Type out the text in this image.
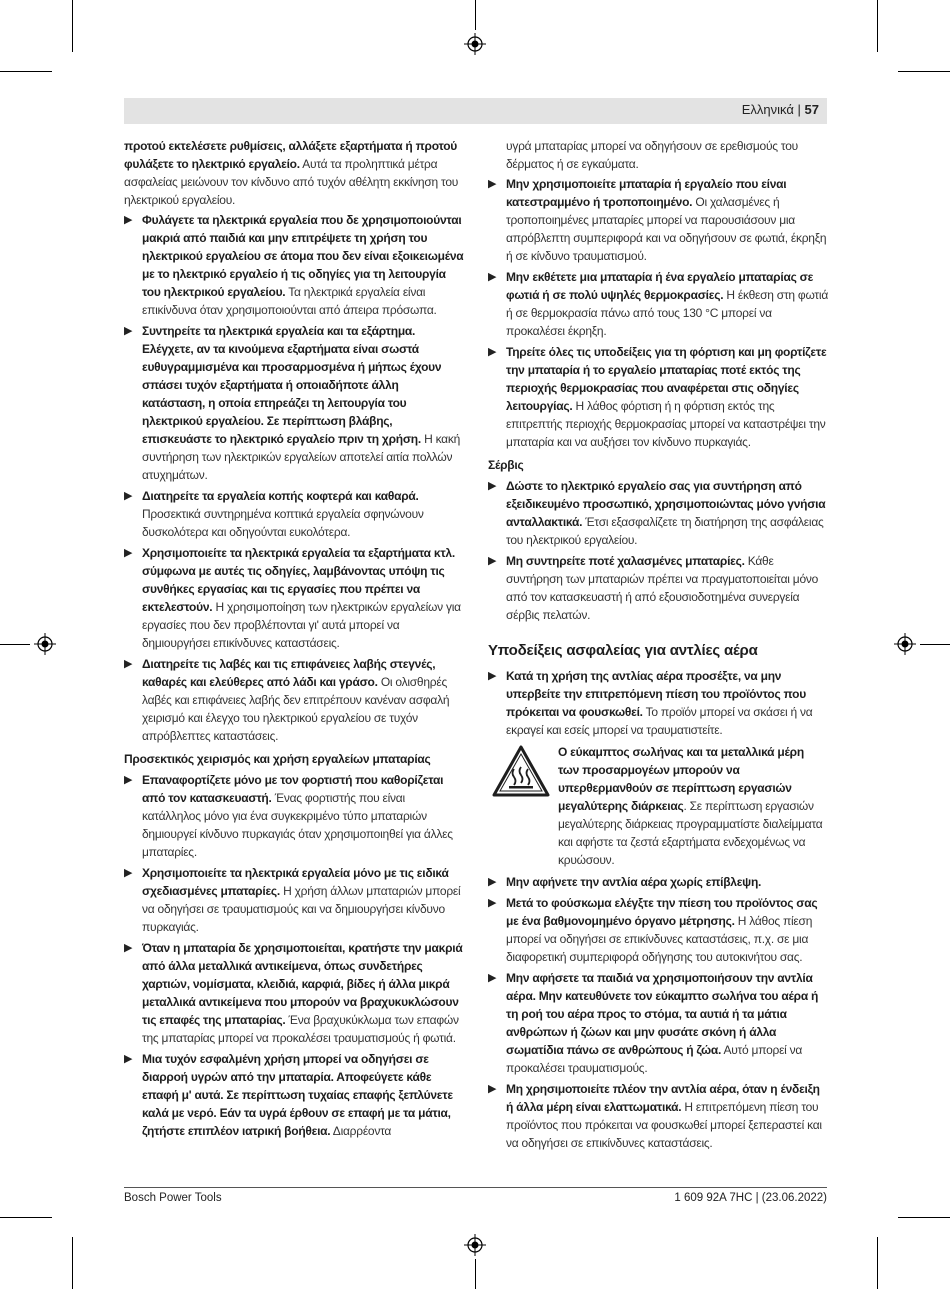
Ελληνικά | 57
προτού εκτελέσετε ρυθμίσεις, αλλάξετε εξαρτήματα ή προτού φυλάξετε το ηλεκτρικό εργαλείο. Αυτά τα προληπτικά μέτρα ασφαλείας μειώνουν τον κίνδυνο από τυχόν αθέλητη εκκίνηση του ηλεκτρικού εργαλείου.
▶ Φυλάγετε τα ηλεκτρικά εργαλεία που δε χρησιμοποιούνται μακριά από παιδιά και μην επιτρέψετε τη χρήση του ηλεκτρικού εργαλείου σε άτομα που δεν είναι εξοικειωμένα με το ηλεκτρικό εργαλείο ή τις οδηγίες για τη λειτουργία του ηλεκτρικού εργαλείου. Τα ηλεκτρικά εργαλεία είναι επικίνδυνα όταν χρησιμοποιούνται από άπειρα πρόσωπα.
▶ Συντηρείτε τα ηλεκτρικά εργαλεία και τα εξάρτημα. Ελέγχετε, αν τα κινούμενα εξαρτήματα είναι σωστά ευθυγραμμισμένα και προσαρμοσμένα ή μήπως έχουν σπάσει τυχόν εξαρτήματα ή οποιαδήποτε άλλη κατάσταση, η οποία επηρεάζει τη λειτουργία του ηλεκτρικού εργαλείου. Σε περίπτωση βλάβης, επισκευάστε το ηλεκτρικό εργαλείο πριν τη χρήση. Η κακή συντήρηση των ηλεκτρικών εργαλείων αποτελεί αιτία πολλών ατυχημάτων.
▶ Διατηρείτε τα εργαλεία κοπής κοφτερά και καθαρά. Προσεκτικά συντηρημένα κοπτικά εργαλεία σφηνώνουν δυσκολότερα και οδηγούνται ευκολότερα.
▶ Χρησιμοποιείτε τα ηλεκτρικά εργαλεία τα εξαρτήματα κτλ. σύμφωνα με αυτές τις οδηγίες, λαμβάνοντας υπόψη τις συνθήκες εργασίας και τις εργασίες που πρέπει να εκτελεστούν. Η χρησιμοποίηση των ηλεκτρικών εργαλείων για εργασίες που δεν προβλέπονται γι' αυτά μπορεί να δημιουργήσει επικίνδυνες καταστάσεις.
▶ Διατηρείτε τις λαβές και τις επιφάνειες λαβής στεγνές, καθαρές και ελεύθερες από λάδι και γράσο. Οι ολισθηρές λαβές και επιφάνειες λαβής δεν επιτρέπουν κανέναν ασφαλή χειρισμό και έλεγχο του ηλεκτρικού εργαλείου σε τυχόν απρόβλεπτες καταστάσεις.
Προσεκτικός χειρισμός και χρήση εργαλείων μπαταρίας
▶ Επαναφορτίζετε μόνο με τον φορτιστή που καθορίζεται από τον κατασκευαστή. Ένας φορτιστής που είναι κατάλληλος μόνο για ένα συγκεκριμένο τύπο μπαταριών δημιουργεί κίνδυνο πυρκαγιάς όταν χρησιμοποιηθεί για άλλες μπαταρίες.
▶ Χρησιμοποιείτε τα ηλεκτρικά εργαλεία μόνο με τις ειδικά σχεδιασμένες μπαταρίες. Η χρήση άλλων μπαταριών μπορεί να οδηγήσει σε τραυματισμούς και να δημιουργήσει κίνδυνο πυρκαγιάς.
▶ Όταν η μπαταρία δε χρησιμοποιείται, κρατήστε την μακριά από άλλα μεταλλικά αντικείμενα, όπως συνδετήρες χαρτιών, νομίσματα, κλειδιά, καρφιά, βίδες ή άλλα μικρά μεταλλικά αντικείμενα που μπορούν να βραχυκυκλώσουν τις επαφές της μπαταρίας. Ένα βραχυκύκλωμα των επαφών της μπαταρίας μπορεί να προκαλέσει τραυματισμούς ή φωτιά.
▶ Μια τυχόν εσφαλμένη χρήση μπορεί να οδηγήσει σε διαρροή υγρών από την μπαταρία. Αποφεύγετε κάθε επαφή μ' αυτά. Σε περίπτωση τυχαίας επαφής ξεπλύνετε καλά με νερό. Εάν τα υγρά έρθουν σε επαφή με τα μάτια, ζητήστε επιπλέον ιατρική βοήθεια. Διαρρέοντα
υγρά μπαταρίας μπορεί να οδηγήσουν σε ερεθισμούς του δέρματος ή σε εγκαύματα.
▶ Μην χρησιμοποιείτε μπαταρία ή εργαλείο που είναι κατεστραμμένο ή τροποποιημένο. Οι χαλασμένες ή τροποποιημένες μπαταρίες μπορεί να παρουσιάσουν μια απρόβλεπτη συμπεριφορά και να οδηγήσουν σε φωτιά, έκρηξη ή σε κίνδυνο τραυματισμού.
▶ Μην εκθέτετε μια μπαταρία ή ένα εργαλείο μπαταρίας σε φωτιά ή σε πολύ υψηλές θερμοκρασίες. Η έκθεση στη φωτιά ή σε θερμοκρασία πάνω από τους 130 °C μπορεί να προκαλέσει έκρηξη.
▶ Τηρείτε όλες τις υποδείξεις για τη φόρτιση και μη φορτίζετε την μπαταρία ή το εργαλείο μπαταρίας ποτέ εκτός της περιοχής θερμοκρασίας που αναφέρεται στις οδηγίες λειτουργίας. Η λάθος φόρτιση ή η φόρτιση εκτός της επιτρεπτής περιοχής θερμοκρασίας μπορεί να καταστρέψει την μπαταρία και να αυξήσει τον κίνδυνο πυρκαγιάς.
Σέρβις
▶ Δώστε το ηλεκτρικό εργαλείο σας για συντήρηση από εξειδικευμένο προσωπικό, χρησιμοποιώντας μόνο γνήσια ανταλλακτικά. Έτσι εξασφαλίζετε τη διατήρηση της ασφάλειας του ηλεκτρικού εργαλείου.
▶ Μη συντηρείτε ποτέ χαλασμένες μπαταρίες. Κάθε συντήρηση των μπαταριών πρέπει να πραγματοποιείται μόνο από τον κατασκευαστή ή από εξουσιοδοτημένα συνεργεία σέρβις πελατών.
Υποδείξεις ασφαλείας για αντλίες αέρα
▶ Κατά τη χρήση της αντλίας αέρα προσέξτε, να μην υπερβείτε την επιτρεπόμενη πίεση του προϊόντος που πρόκειται να φουσκωθεί. Το προϊόν μπορεί να σκάσει ή να εκραγεί και εσείς μπορεί να τραυματιστείτε.
Ο εύκαμπτος σωλήνας και τα μεταλλικά μέρη των προσαρμογέων μπορούν να υπερθερμανθούν σε περίπτωση εργασιών μεγαλύτερης διάρκειας. Σε περίπτωση εργασιών μεγαλύτερης διάρκειας προγραμματίστε διαλείμματα και αφήστε τα ζεστά εξαρτήματα ενδεχομένως να κρυώσουν.
▶ Μην αφήνετε την αντλία αέρα χωρίς επίβλεψη.
▶ Μετά το φούσκωμα ελέγξτε την πίεση του προϊόντος σας με ένα βαθμονομημένο όργανο μέτρησης. Η λάθος πίεση μπορεί να οδηγήσει σε επικίνδυνες καταστάσεις, π.χ. σε μια διαφορετική συμπεριφορά οδήγησης του αυτοκινήτου σας.
▶ Μην αφήσετε τα παιδιά να χρησιμοποιήσουν την αντλία αέρα. Μην κατευθύνετε τον εύκαμπτο σωλήνα του αέρα ή τη ροή του αέρα προς το στόμα, τα αυτιά ή τα μάτια ανθρώπων ή ζώων και μην φυσάτε σκόνη ή άλλα σωματίδια πάνω σε ανθρώπους ή ζώα. Αυτό μπορεί να προκαλέσει τραυματισμούς.
▶ Μη χρησιμοποιείτε πλέον την αντλία αέρα, όταν η ένδειξη ή άλλα μέρη είναι ελαττωματικά. Η επιτρεπόμενη πίεση του προϊόντος που πρόκειται να φουσκωθεί μπορεί ξεπεραστεί και να οδηγήσει σε επικίνδυνες καταστάσεις.
Bosch Power Tools	1 609 92A 7HC | (23.06.2022)
